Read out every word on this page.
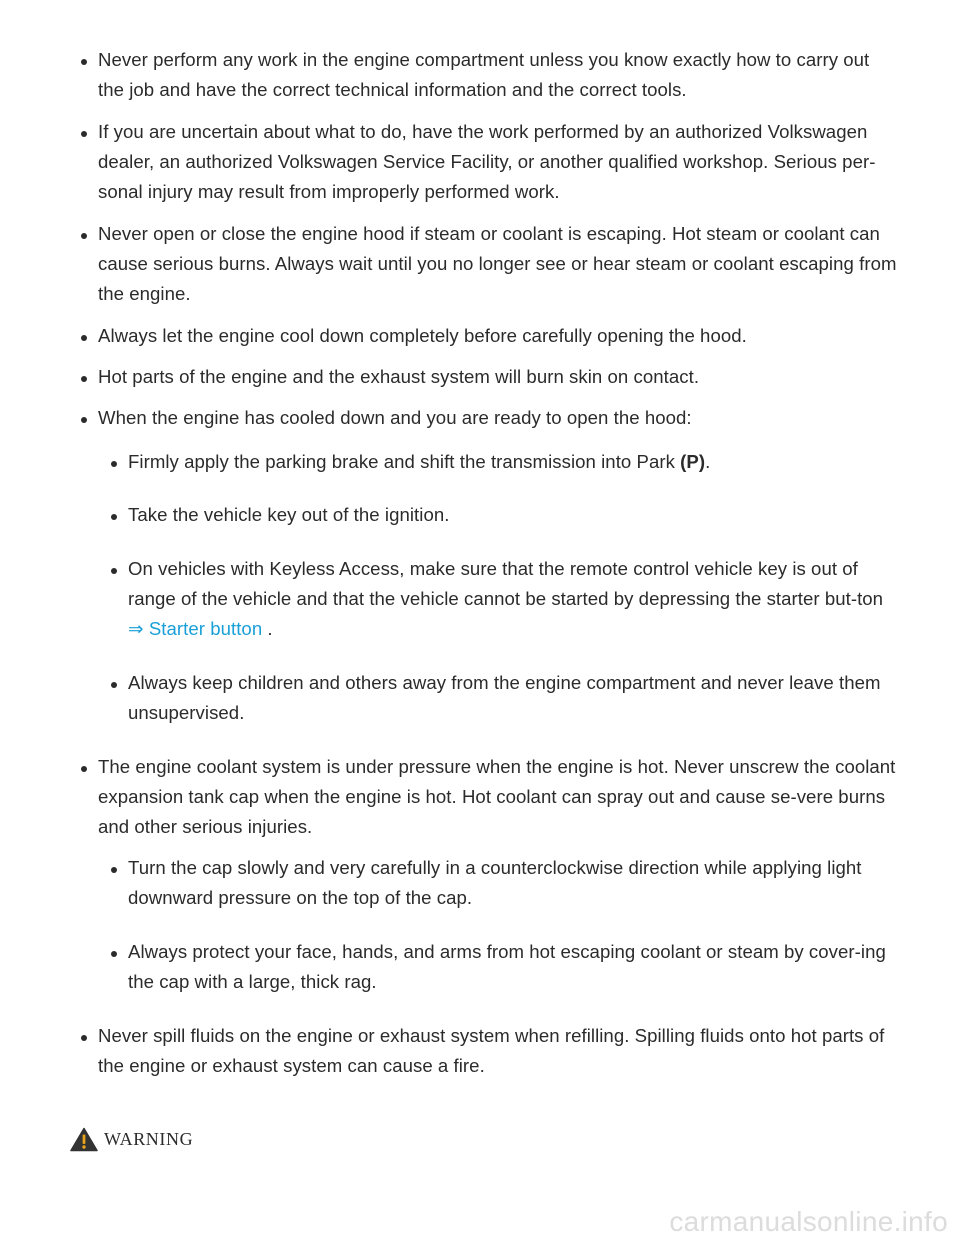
Never perform any work in the engine compartment unless you know exactly how to carry out the job and have the correct technical information and the correct tools.
If you are uncertain about what to do, have the work performed by an authorized Volkswagen dealer, an authorized Volkswagen Service Facility, or another qualified workshop. Serious per-sonal injury may result from improperly performed work.
Never open or close the engine hood if steam or coolant is escaping. Hot steam or coolant can cause serious burns. Always wait until you no longer see or hear steam or coolant escaping from the engine.
Always let the engine cool down completely before carefully opening the hood.
Hot parts of the engine and the exhaust system will burn skin on contact.
When the engine has cooled down and you are ready to open the hood:
Firmly apply the parking brake and shift the transmission into Park (P).
Take the vehicle key out of the ignition.
On vehicles with Keyless Access, make sure that the remote control vehicle key is out of range of the vehicle and that the vehicle cannot be started by depressing the starter but-ton ⇒ Starter button .
Always keep children and others away from the engine compartment and never leave them unsupervised.
The engine coolant system is under pressure when the engine is hot. Never unscrew the coolant expansion tank cap when the engine is hot. Hot coolant can spray out and cause se-vere burns and other serious injuries.
Turn the cap slowly and very carefully in a counterclockwise direction while applying light downward pressure on the top of the cap.
Always protect your face, hands, and arms from hot escaping coolant or steam by cover-ing the cap with a large, thick rag.
Never spill fluids on the engine or exhaust system when refilling. Spilling fluids onto hot parts of the engine or exhaust system can cause a fire.
WARNING
carmanualsonline.info
